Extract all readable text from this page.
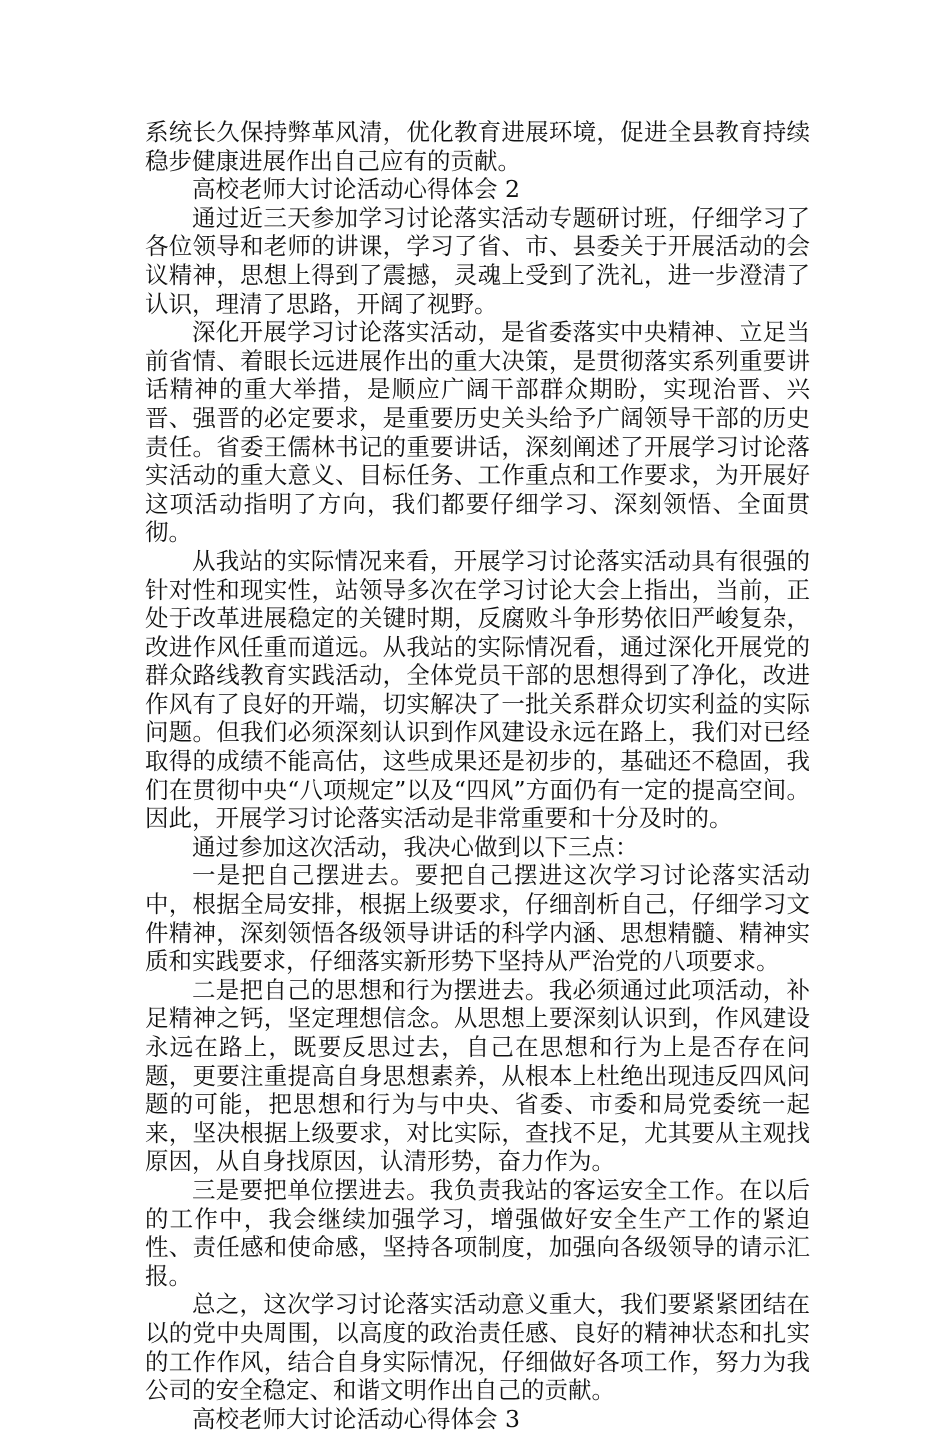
系统长久保持弊革风清，优化教育进展环境，促进全县教育持续稳步健康进展作出自己应有的贡献。

高校老师大讨论活动心得体会 2

通过近三天参加学习讨论落实活动专题研讨班，仔细学习了各位领导和老师的讲课，学习了省、市、县委关于开展活动的会议精神，思想上得到了震撼，灵魂上受到了洗礼，进一步澄清了认识，理清了思路，开阔了视野。

深化开展学习讨论落实活动，是省委落实中央精神、立足当前省情、着眼长远进展作出的重大决策，是贯彻落实系列重要讲话精神的重大举措，是顺应广阔干部群众期盼，实现治晋、兴晋、强晋的必定要求，是重要历史关头给予广阔领导干部的历史责任。省委王儒林书记的重要讲话，深刻阐述了开展学习讨论落实活动的重大意义、目标任务、工作重点和工作要求，为开展好这项活动指明了方向，我们都要仔细学习、深刻领悟、全面贯彻。

从我站的实际情况来看，开展学习讨论落实活动具有很强的针对性和现实性，站领导多次在学习讨论大会上指出，当前，正处于改革进展稳定的关键时期，反腐败斗争形势依旧严峻复杂，改进作风任重而道远。从我站的实际情况看，通过深化开展党的群众路线教育实践活动，全体党员干部的思想得到了净化，改进作风有了良好的开端，切实解决了一批关系群众切实利益的实际问题。但我们必须深刻认识到作风建设永远在路上，我们对已经取得的成绩不能高估，这些成果还是初步的，基础还不稳固，我们在贯彻中央“八项规定”以及“四风”方面仍有一定的提高空间。因此，开展学习讨论落实活动是非常重要和十分及时的。

通过参加这次活动，我决心做到以下三点：

一是把自己摆进去。要把自己摆进这次学习讨论落实活动中，根据全局安排，根据上级要求，仔细剖析自己，仔细学习文件精神，深刻领悟各级领导讲话的科学内涵、思想精髓、精神实质和实践要求，仔细落实新形势下坚持从严治党的八项要求。

二是把自己的思想和行为摆进去。我必须通过此项活动，补足精神之钙，坚定理想信念。从思想上要深刻认识到，作风建设永远在路上，既要反思过去，自己在思想和行为上是否存在问题，更要注重提高自身思想素养，从根本上杜绝出现违反四风问题的可能，把思想和行为与中央、省委、市委和局党委统一起来，坚决根据上级要求，对比实际，查找不足，尤其要从主观找原因，从自身找原因，认清形势，奋力作为。

三是要把单位摆进去。我负责我站的客运安全工作。在以后的工作中，我会继续加强学习，增强做好安全生产工作的紧迫性、责任感和使命感，坚持各项制度，加强向各级领导的请示汇报。

总之，这次学习讨论落实活动意义重大，我们要紧紧团结在以的党中央周围，以高度的政治责任感、良好的精神状态和扎实的工作作风，结合自身实际情况，仔细做好各项工作，努力为我公司的安全稳定、和谐文明作出自己的贡献。

高校老师大讨论活动心得体会 3
